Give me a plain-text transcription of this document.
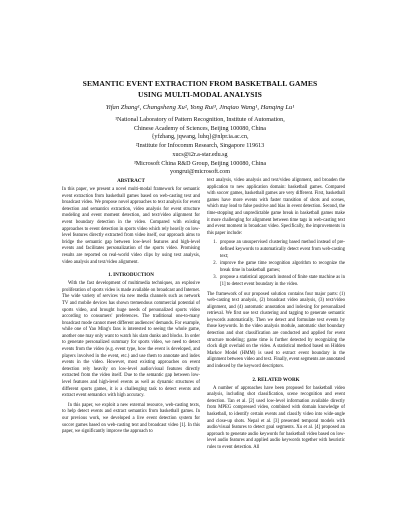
SEMANTIC EVENT EXTRACTION FROM BASKETBALL GAMES
USING MULTI-MODAL ANALYSIS
Yifan Zhang¹, Changsheng Xu², Yong Rui³, Jinqiao Wang¹, Hanqing Lu¹
¹National Laboratory of Pattern Recognition, Institute of Automation,
Chinese Academy of Sciences, Beijing 100080, China
{yfzhang, jqwang, luhq}@nlpr.ia.ac.cn,
²Institute for Infocomm Research, Singapore 119613
xucs@i2r.a-star.edu.sg
³Microsoft China R&D Group, Beijing 100080, China
yongrui@microsoft.com
ABSTRACT

In this paper, we present a novel multi-modal framework for semantic event extraction from basketball games based on web-casting text and broadcast video. We propose novel approaches to text analysis for event detection and semantics extraction, video analysis for event structure modeling and event moment detection, and text/video alignment for event boundary detection in the video. Compared with existing approaches to event detection in sports video which rely heavily on low-level features directly extracted from video itself, our approach aims to bridge the semantic gap between low-level features and high-level events and facilitates personalization of the sports video. Promising results are reported on real-world video clips by using text analysis, video analysis and text/video alignment.

1. INTRODUCTION

With the fast development of multimedia techniques, an explosive proliferation of sports video is made available on broadcast and Internet. The wide variety of services via new media channels such as network TV and mobile devices has shown tremendous commercial potential of sports video, and brought huge needs of personalized sports video according to consumers' preferences. The traditional one-to-many broadcast mode cannot meet different audiences' demands. For example, while one of Yao Ming's fans is interested to seeing the whole game, another one may only want to watch his slam dunks and blocks. In order to generate personalized summary for sports video, we need to detect events from the video (e.g. event type, how the event is developed, and players involved in the event, etc.) and use them to annotate and index events in the video. However, most existing approaches on event detection rely heavily on low-level audio/visual features directly extracted from the video itself. Due to the semantic gap between low-level features and high-level events as well as dynamic structures of different sports games, it is a challenging task to detect events and extract event semantics with high accuracy.

In this paper, we exploit a new external resource, web-casting texts, to help detect events and extract semantics from basketball games. In our previous work, we developed a live event detection system for soccer games based on web-casting text and broadcast video [1]. In this paper, we significantly improve the approach to

text analysis, video analysis and text/video alignment, and broaden the application to new application domain: basketball games. Compared with soccer games, basketball games are very different. First, basketball games have more events with faster transition of shots and scenes, which may lead to false positive and bias in event detection. Second, the time-stopping and unpredictable game break in basketball games make it more challenging for alignment between time tags in web-casting text and event moment in broadcast video. Specifically, the improvements in this paper include:

1. propose an unsupervised clustering based method instead of pre-defined keywords to automatically detect event from web-casting text;
2. improve the game time recognition algorithm to recognize the break time in basketball games;
3. propose a statistical approach instead of finite state machine as in [1] to detect event boundary in the video.

The framework of our proposed solution contains four major parts: (1) web-casting text analysis, (2) broadcast video analysis, (3) text/video alignment, and (4) automatic annotation and indexing for personalized retrieval. We first use text clustering and tagging to generate semantic keywords automatically. Then we detect and formulate text events by those keywords. In the video analysis module, automatic shot boundary detection and shot classification are conducted and applied for event structure modeling; game time is further detected by recognizing the clock digit overlaid on the video. A statistical method based on Hidden Markov Model (HMM) is used to extract event boundary in the alignment between video and text. Finally, event segments are annotated and indexed by the keyword descriptors.

2. RELATED WORK

A number of approaches have been proposed for basketball video analysis, including shot classification, scene recognition and event detection. Tan et al. [2] used low-level information available directly from MPEG compressed video, combined with domain knowledge of basketball, to identify certain events and classify video into wide-angle and close-up shots. Nepal et al. [3] presented temporal models with audio/visual features to detect goal segments. Xu et al. [4] proposed an approach to generate audio keywords for basketball video based on low-level audio features and applied audio keywords together with heuristic rules to event detection. All
